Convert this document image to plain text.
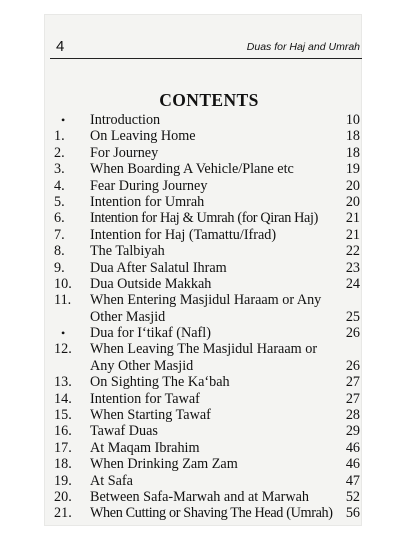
4	Duas for Haj and Umrah
CONTENTS
•	Introduction	10
1.	On Leaving Home	18
2.	For Journey	18
3.	When Boarding A Vehicle/Plane etc	19
4.	Fear During Journey	20
5.	Intention for Umrah	20
6.	Intention for Haj & Umrah (for Qiran Haj)	21
7.	Intention for Haj (Tamattu/Ifrad)	21
8.	The Talbiyah	22
9.	Dua After Salatul Ihram	23
10.	Dua Outside Makkah	24
11.	When Entering Masjidul Haraam or Any
Other Masjid	25
•	Dua for I‘tikaf (Nafl)	26
12.	When Leaving The Masjidul Haraam or
Any Other Masjid	26
13.	On Sighting The Ka‘bah	27
14.	Intention for Tawaf	27
15.	When Starting Tawaf	28
16.	Tawaf Duas	29
17.	At Maqam Ibrahim	46
18.	When Drinking Zam Zam	46
19.	At Safa	47
20.	Between Safa-Marwah and at Marwah	52
21.	When Cutting or Shaving The Head (Umrah) 56
